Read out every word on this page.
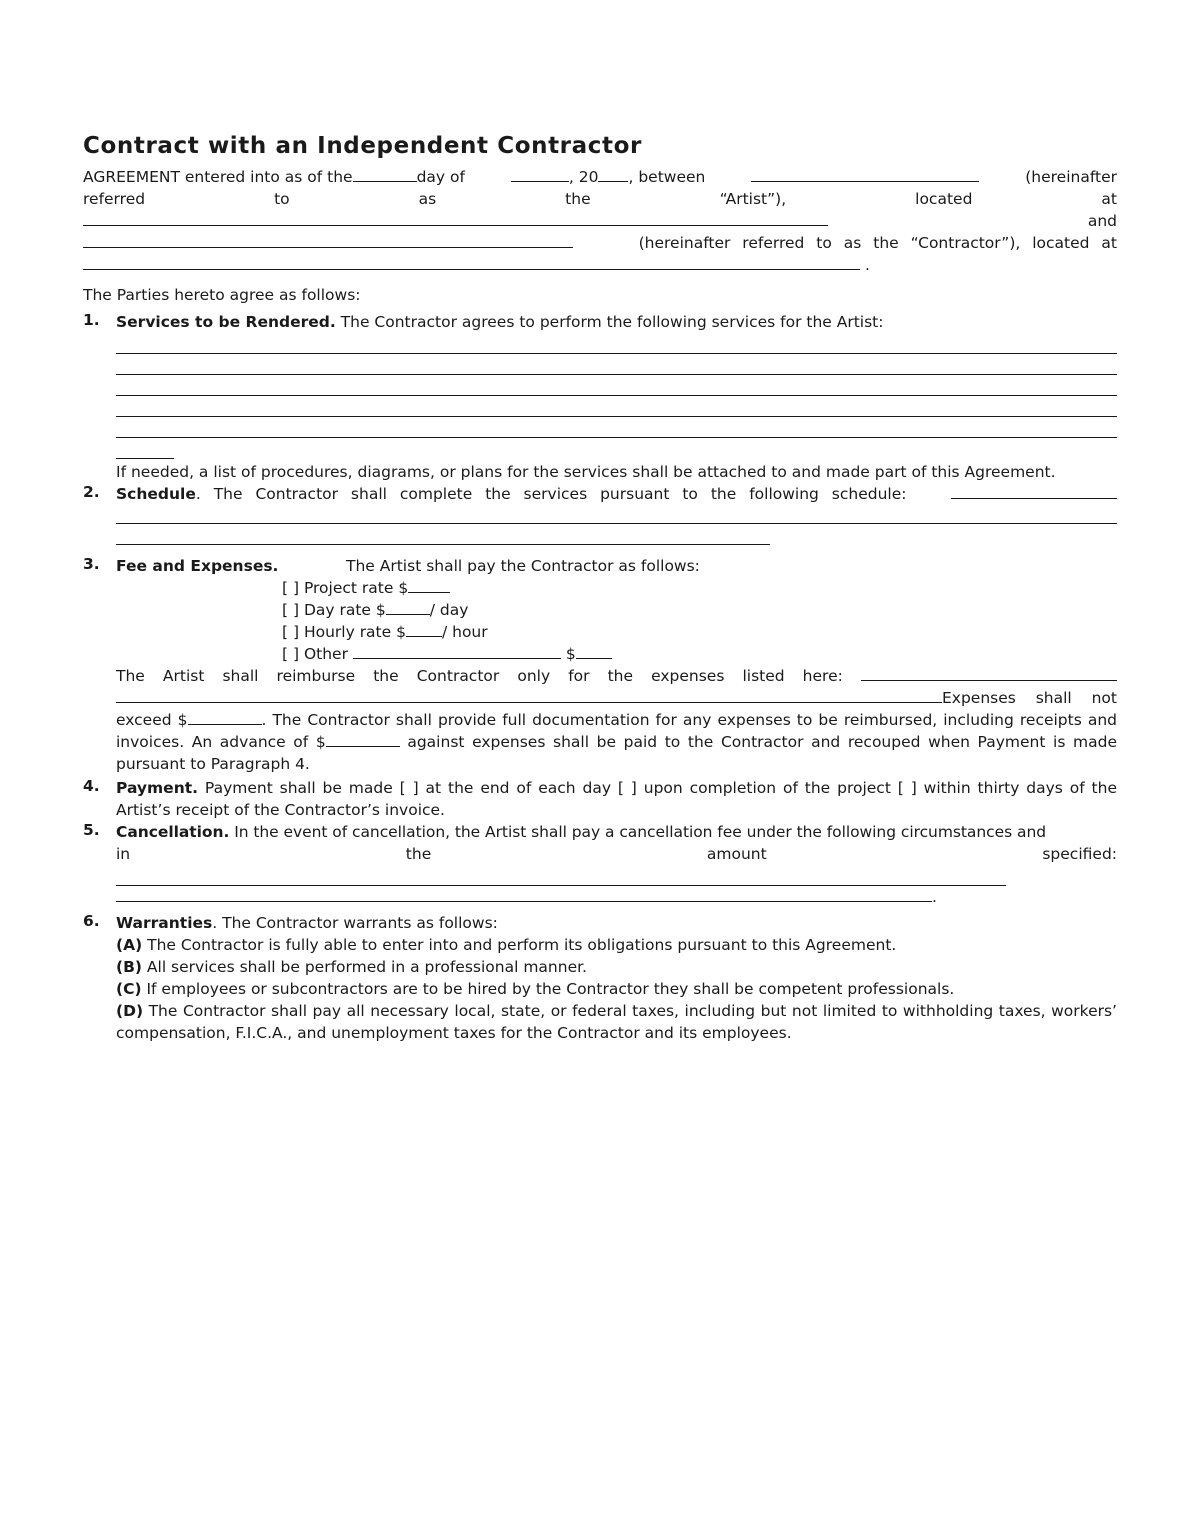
Contract with an Independent Contractor
AGREEMENT entered into as of the	day of	, 20 , between	(hereinafter
referred	to	as	the	“Artist”),	located	at
and
(hereinafter referred to as the “Contractor”), located at
.
The Parties hereto agree as follows:
1. Services to be Rendered. The Contractor agrees to perform the following services for the Artist:
If needed, a list of procedures, diagrams, or plans for the services shall be attached to and made part of this Agreement.
2. Schedule. The Contractor shall complete the services pursuant to the following schedule:
3. Fee and Expenses.	The Artist shall pay the Contractor as follows:
[ ] Project rate $
[ ] Day rate $	/ day
[ ] Hourly rate $ / hour
[ ] Other	$
The Artist shall reimburse the Contractor only for the expenses listed here:
Expenses shall not
exceed $	. The Contractor shall provide full documentation for any expenses to be reimbursed, including receipts and invoices. An advance of $	against expenses shall be paid to the Contractor and recouped when Payment is made pursuant to Paragraph 4.
4. Payment. Payment shall be made [ ] at the end of each day [ ] upon completion of the project [ ] within thirty days of the Artist’s receipt of the Contractor’s invoice.
5. Cancellation. In the event of cancellation, the Artist shall pay a cancellation fee under the following circumstances and
in	the	amount	specified:
.
6. Warranties. The Contractor warrants as follows:
(A) The Contractor is fully able to enter into and perform its obligations pursuant to this Agreement.
(B) All services shall be performed in a professional manner.
(C) If employees or subcontractors are to be hired by the Contractor they shall be competent professionals.
(D) The Contractor shall pay all necessary local, state, or federal taxes, including but not limited to withholding taxes, workers’ compensation, F.I.C.A., and unemployment taxes for the Contractor and its employees.
